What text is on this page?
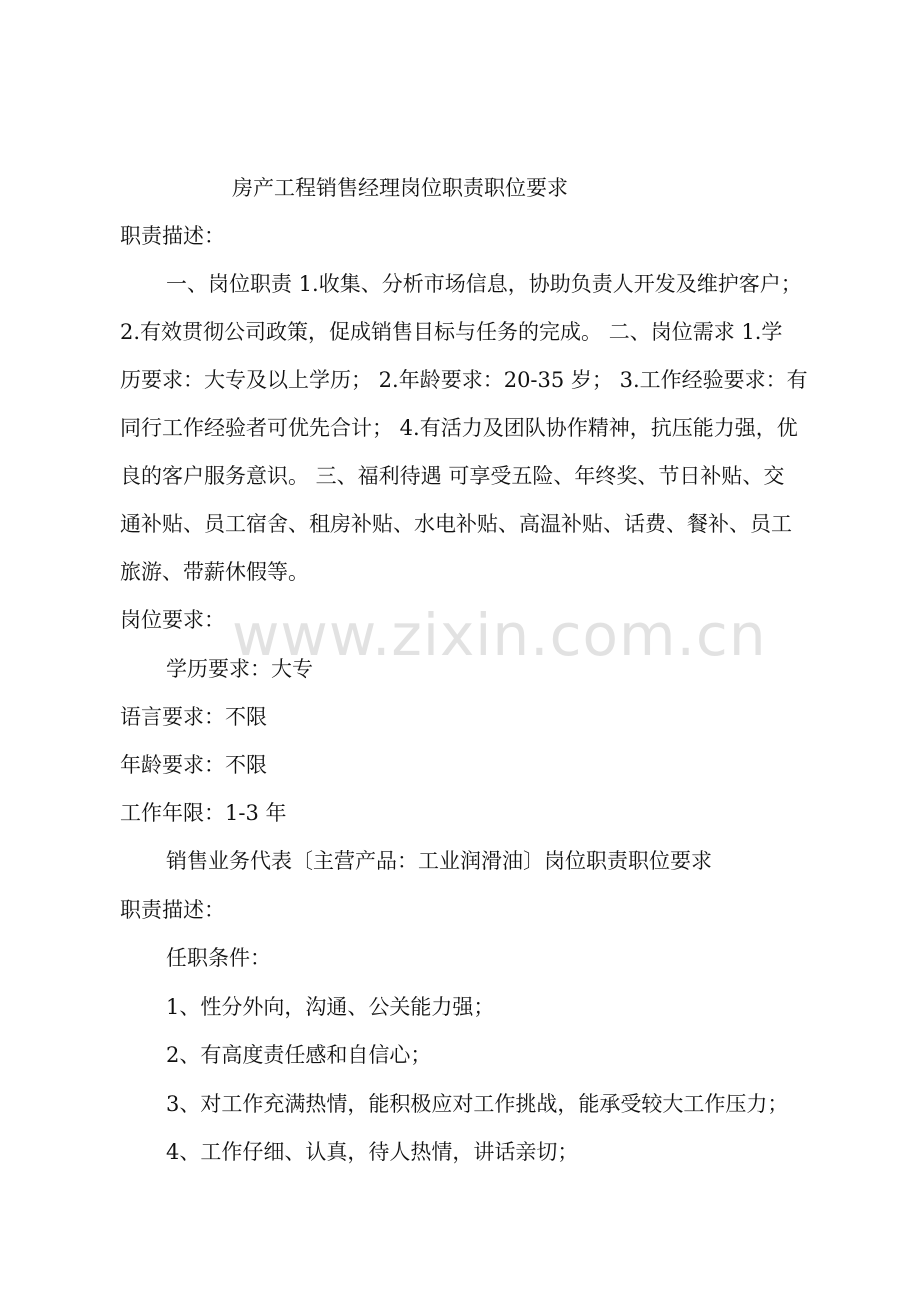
房产工程销售经理岗位职责职位要求
职责描述：
一、岗位职责 1.收集、分析市场信息，协助负责人开发及维护客户；
2.有效贯彻公司政策，促成销售目标与任务的完成。 二、岗位需求 1.学
历要求：大专及以上学历； 2.年龄要求：20-35 岁； 3.工作经验要求：有
同行工作经验者可优先合计； 4.有活力及团队协作精神，抗压能力强，优
良的客户服务意识。 三、福利待遇 可享受五险、年终奖、节日补贴、交
通补贴、员工宿舍、租房补贴、水电补贴、高温补贴、话费、餐补、员工
旅游、带薪休假等。
岗位要求：
学历要求：大专
语言要求：不限
年龄要求：不限
工作年限：1-3 年
销售业务代表〔主营产品：工业润滑油〕岗位职责职位要求
职责描述：
任职条件：
1、性分外向，沟通、公关能力强；
2、有高度责任感和自信心；
3、对工作充满热情，能积极应对工作挑战，能承受较大工作压力；
4、工作仔细、认真，待人热情，讲话亲切；
www.zixin.com.cn
